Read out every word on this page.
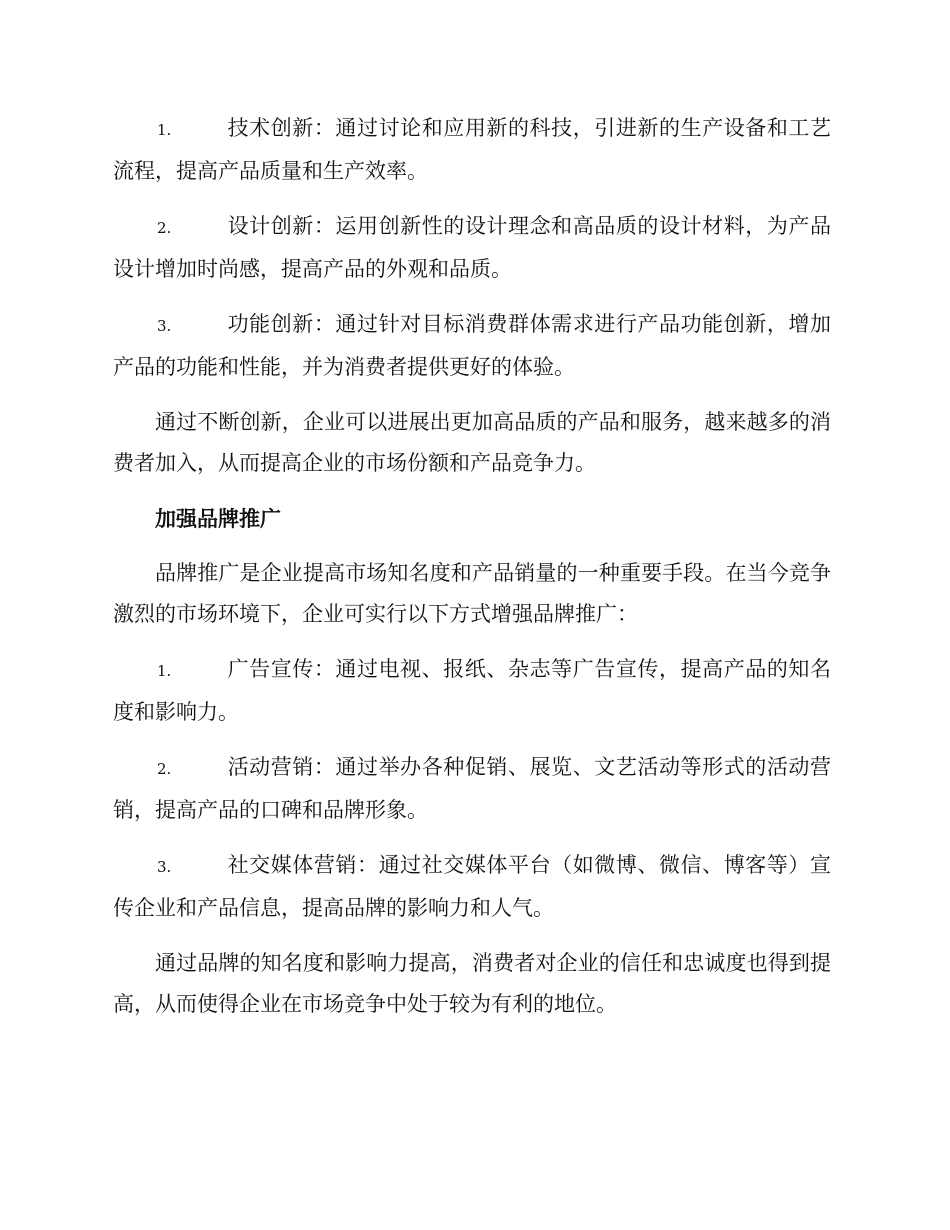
1.	技术创新：通过讨论和应用新的科技，引进新的生产设备和工艺流程，提高产品质量和生产效率。

2.	设计创新：运用创新性的设计理念和高品质的设计材料，为产品设计增加时尚感，提高产品的外观和品质。

3.	功能创新：通过针对目标消费群体需求进行产品功能创新，增加产品的功能和性能，并为消费者提供更好的体验。

通过不断创新，企业可以进展出更加高品质的产品和服务，越来越多的消费者加入，从而提高企业的市场份额和产品竞争力。

加强品牌推广

品牌推广是企业提高市场知名度和产品销量的一种重要手段。在当今竞争激烈的市场环境下，企业可实行以下方式增强品牌推广：

1.	广告宣传：通过电视、报纸、杂志等广告宣传，提高产品的知名度和影响力。

2.	活动营销：通过举办各种促销、展览、文艺活动等形式的活动营销，提高产品的口碑和品牌形象。

3.	社交媒体营销：通过社交媒体平台（如微博、微信、博客等）宣传企业和产品信息，提高品牌的影响力和人气。

通过品牌的知名度和影响力提高，消费者对企业的信任和忠诚度也得到提高，从而使得企业在市场竞争中处于较为有利的地位。
